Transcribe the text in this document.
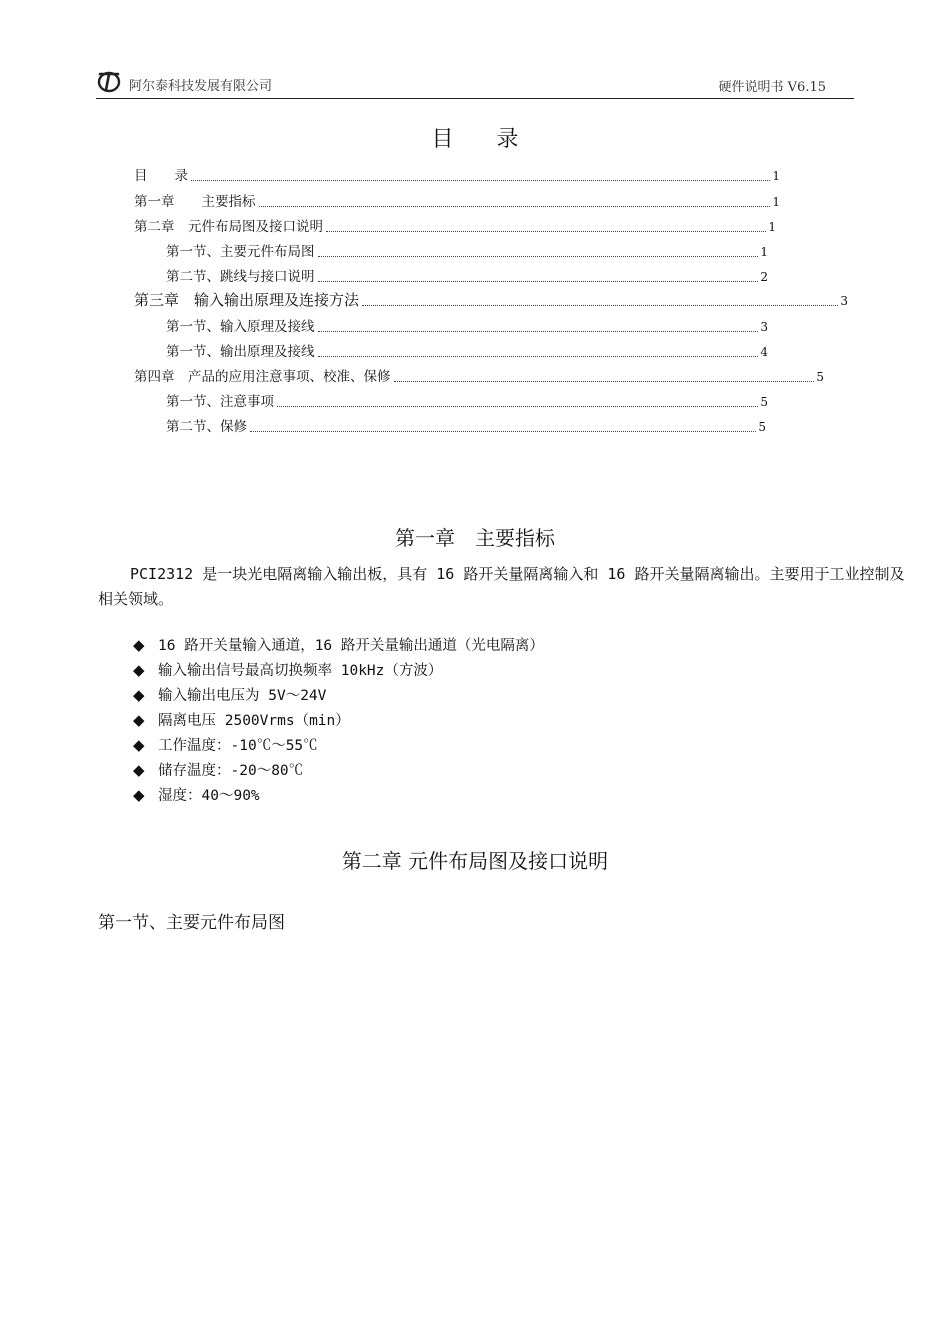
阿尔泰科技发展有限公司	硬件说明书 V6.15
目 录
目　　录	1
第一章　　主要指标	1
第二章　元件布局图及接口说明	1
第一节、主要元件布局图	1
第二节、跳线与接口说明	2
第三章　输入输出原理及连接方法	3
第一节、输入原理及接线	3
第一节、输出原理及接线	4
第四章　产品的应用注意事项、校准、保修	5
第一节、注意事项	5
第二节、保修	5
第一章　主要指标
PCI2312 是一块光电隔离输入输出板，具有 16 路开关量隔离输入和 16 路开关量隔离输出。主要用于工业控制及相关领域。
◆ 16 路开关量输入通道，16 路开关量输出通道（光电隔离）
◆ 输入输出信号最高切换频率 10kHz（方波）
◆ 输入输出电压为 5V～24V
◆ 隔离电压 2500Vrms（min）
◆ 工作温度：-10℃～55℃
◆ 储存温度：-20～80℃
◆ 湿度：40～90%
第二章 元件布局图及接口说明
第一节、主要元件布局图
